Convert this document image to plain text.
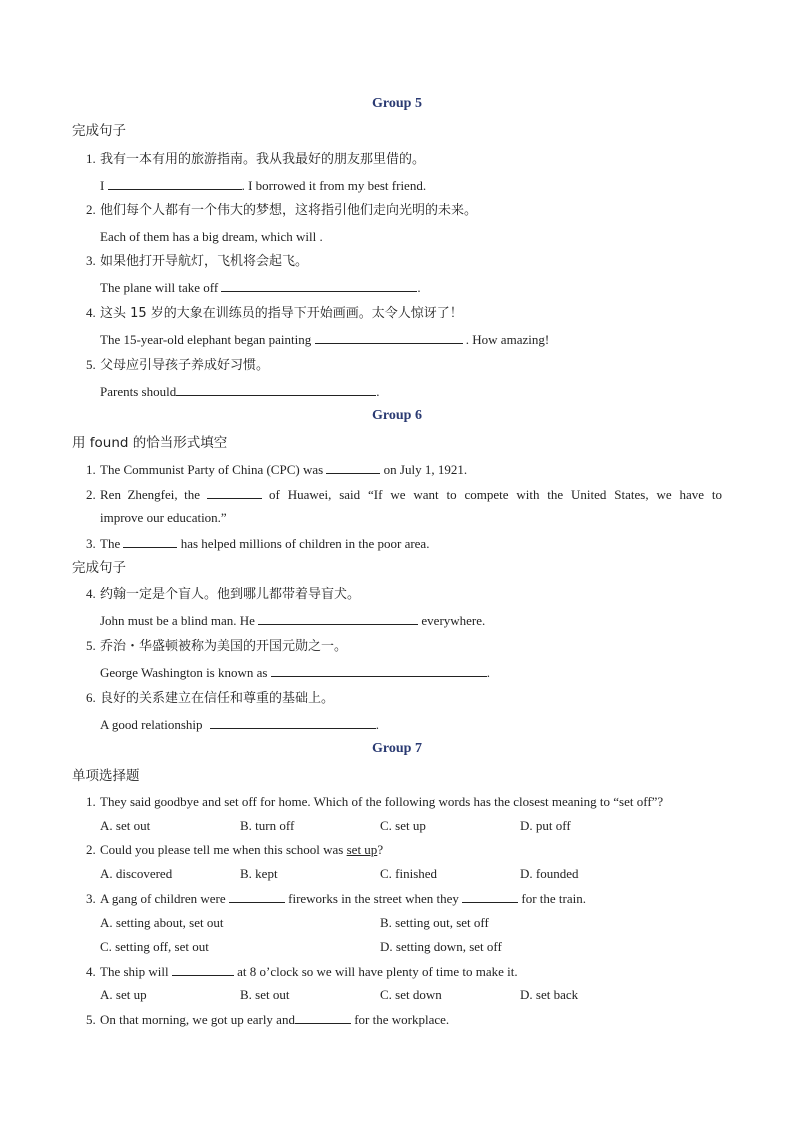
Group 5
完成句子
1. 我有一本有用的旅游指南。我从我最好的朋友那里借的。
I	. I borrowed it from my best friend.
2. 他们每个人都有一个伟大的梦想，这将指引他们走向光明的未来。
Each of them has a big dream, which will .
3. 如果他打开导航灯，飞机将会起飞。
The plane will take off	.
4. 这头 15 岁的大象在训练员的指导下开始画画。太令人惊讶了！
The 15-year-old elephant began painting	. How amazing!
5. 父母应引导孩子养成好习惯。
Parents should	.
Group 6
用 found 的恰当形式填空
1. The Communist Party of China (CPC) was	on July 1, 1921.
2. Ren  Zhengfei,  the	of Huawei, said “If we want to compete with the United States, we have to
improve our education.”
3. The	has helped millions of children in the poor area.
完成句子
4. 约翰一定是个盲人。他到哪儿都带着导盲犬。
John must be a blind man. He	everywhere.
5. 乔治・华盛顿被称为美国的开国元勋之一。
George Washington is known as	.
6. 良好的关系建立在信任和尊重的基础上。
A good relationship	.
Group 7
单项选择题
1. They said goodbye and set off for home. Which of the following words has the closest meaning to “set off”?
A. set out	B. turn off	C. set up	D. put off
2. Could you please tell me when this school was set up?
A. discovered	B. kept	C. finished	D. founded
3. A gang of children were	fireworks in the street when they	for the train.
A. setting about, set out	B. setting out, set off
C. setting off, set out	D. setting down, set off
4. The ship will	at 8 o’clock so we will have plenty of time to make it.
A. set up	B. set out	C. set down	D. set back
5. On that morning, we got up early and	for the workplace.
